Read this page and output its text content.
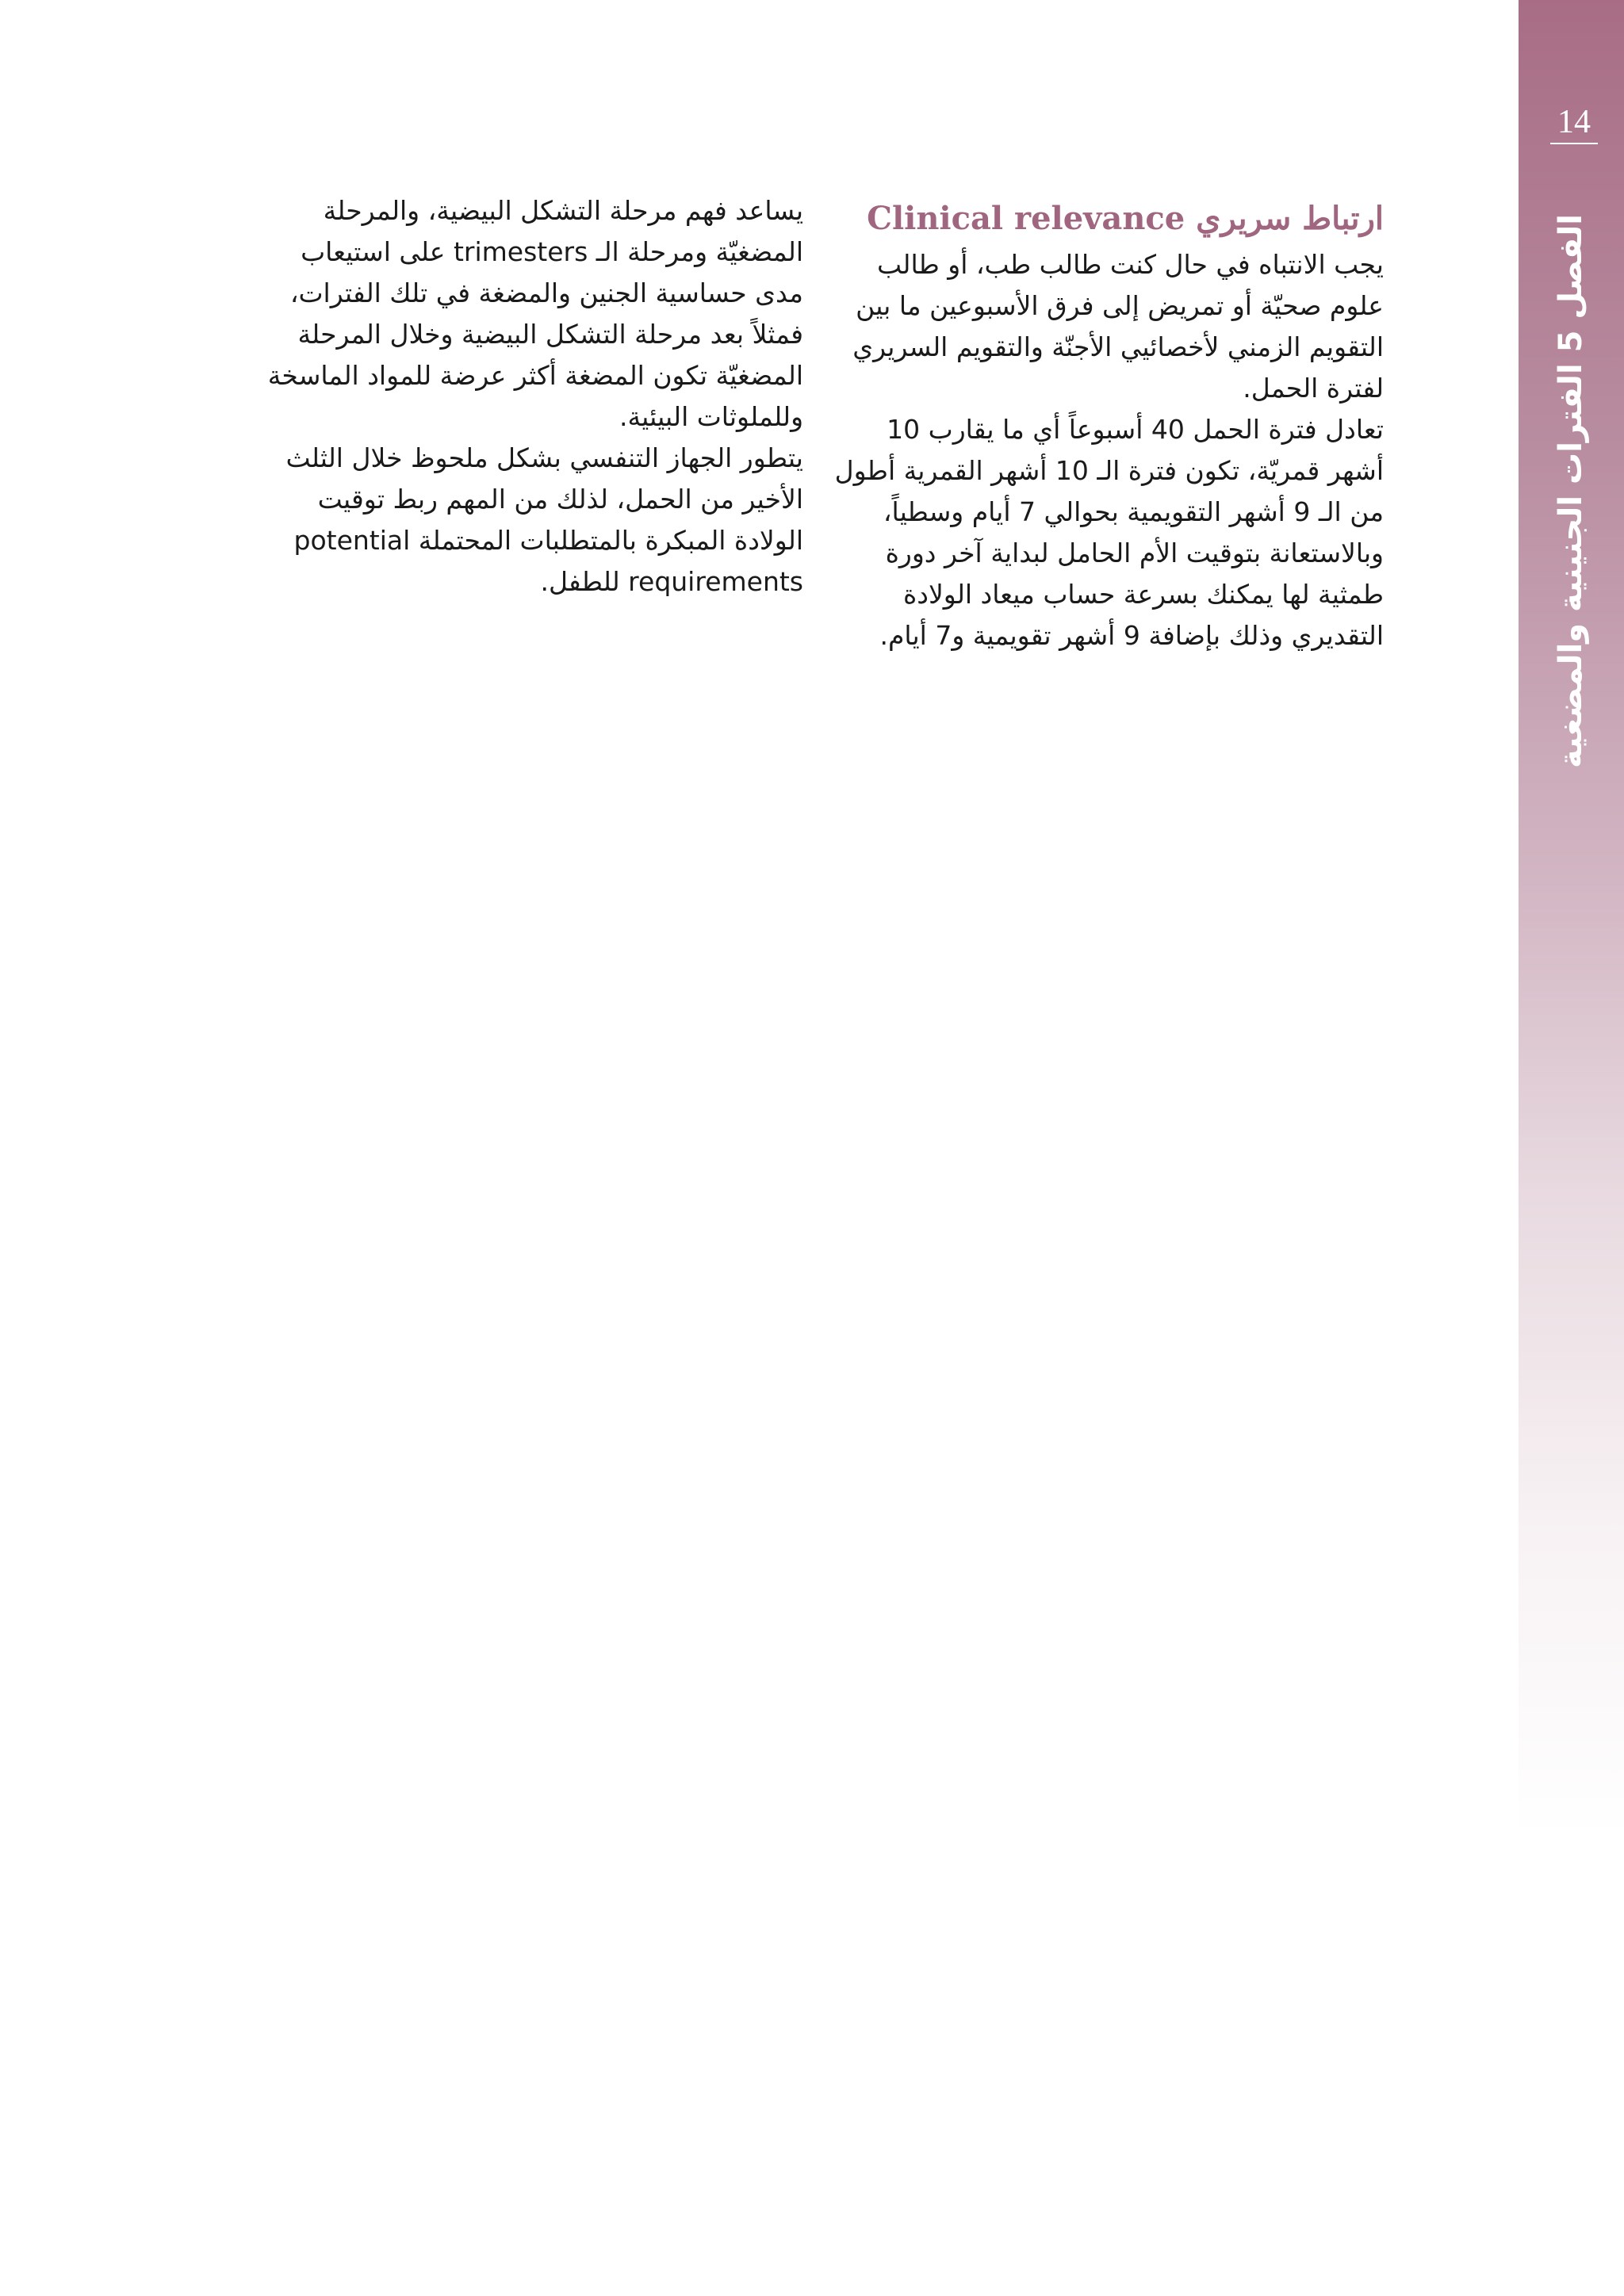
14
الفصل 5 الفترات الجنينية والمضغية
ارتباط سريري Clinical relevance

يجب الانتباه في حال كنت طالب طب، أو طالب علوم صحيّة أو تمريض إلى فرق الأسبوعين ما بين التقويم الزمني لأخصائيي الأجنّة والتقويم السريري لفترة الحمل.

تعادل فترة الحمل 40 أسبوعاً أي ما يقارب 10 أشهر قمريّة، تكون فترة الـ 10 أشهر القمرية أطول من الـ 9 أشهر التقويمية بحوالي 7 أيام وسطياً، وبالاستعانة بتوقيت الأم الحامل لبداية آخر دورة طمثية لها يمكنك بسرعة حساب ميعاد الولادة التقديري وذلك بإضافة 9 أشهر تقويمية و7 أيام.

يساعد فهم مرحلة التشكل البيضية، والمرحلة المضغيّة ومرحلة الـ trimesters على استيعاب مدى حساسية الجنين والمضغة في تلك الفترات، فمثلاً بعد مرحلة التشكل البيضية وخلال المرحلة المضغيّة تكون المضغة أكثر عرضة للمواد الماسخة وللملوثات البيئية.

يتطور الجهاز التنفسي بشكل ملحوظ خلال الثلث الأخير من الحمل، لذلك من المهم ربط توقيت الولادة المبكرة بالمتطلبات المحتملة potential requirements للطفل.
